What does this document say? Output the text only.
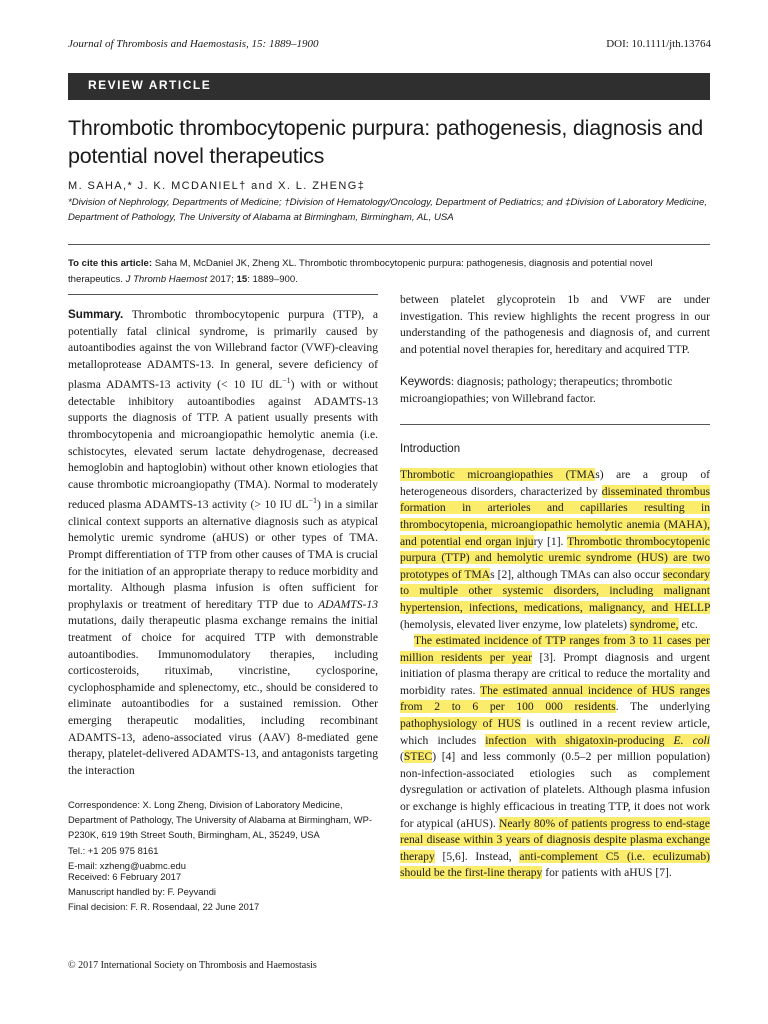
Journal of Thrombosis and Haemostasis, 15: 1889–1900	DOI: 10.1111/jth.13764
REVIEW ARTICLE
Thrombotic thrombocytopenic purpura: pathogenesis, diagnosis and potential novel therapeutics
M. SAHA,* J. K. MCDANIEL† and X. L. ZHENG‡
*Division of Nephrology, Departments of Medicine; †Division of Hematology/Oncology, Department of Pediatrics; and ‡Division of Laboratory Medicine, Department of Pathology, The University of Alabama at Birmingham, Birmingham, AL, USA
To cite this article: Saha M, McDaniel JK, Zheng XL. Thrombotic thrombocytopenic purpura: pathogenesis, diagnosis and potential novel therapeutics. J Thromb Haemost 2017; 15: 1889–900.

Summary. Thrombotic thrombocytopenic purpura (TTP), a potentially fatal clinical syndrome, is primarily caused by autoantibodies against the von Willebrand factor (VWF)-cleaving metalloprotease ADAMTS-13. In general, severe deficiency of plasma ADAMTS-13 activity (< 10 IU $dL^{-1}$) with or without detectable inhibitory autoantibodies against ADAMTS-13 supports the diagnosis of TTP. A patient usually presents with thrombocytopenia and microangiopathic hemolytic anemia (i.e. schistocytes, elevated serum lactate dehydrogenase, decreased hemoglobin and haptoglobin) without other known etiologies that cause thrombotic microangiopathy (TMA). Normal to moderately reduced plasma ADAMTS-13 activity (> 10 IU $dL^{-1}$) in a similar clinical context supports an alternative diagnosis such as atypical hemolytic uremic syndrome (aHUS) or other types of TMA. Prompt differentiation of TTP from other causes of TMA is crucial for the initiation of an appropriate therapy to reduce morbidity and mortality. Although plasma infusion is often sufficient for prophylaxis or treatment of hereditary TTP due to ADAMTS-13 mutations, daily therapeutic plasma exchange remains the initial treatment of choice for acquired TTP with demonstrable autoantibodies. Immunomodulatory therapies, including corticosteroids, rituximab, vincristine, cyclosporine, cyclophosphamide and splenectomy, etc., should be considered to eliminate autoantibodies for a sustained remission. Other emerging therapeutic modalities, including recombinant ADAMTS-13, adeno-associated virus (AAV) 8-mediated gene therapy, platelet-delivered ADAMTS-13, and antagonists targeting the interaction

between platelet glycoprotein 1b and VWF are under investigation. This review highlights the recent progress in our understanding of the pathogenesis and diagnosis of, and current and potential novel therapies for, hereditary and acquired TTP.

Keywords: diagnosis; pathology; therapeutics; thrombotic microangiopathies; von Willebrand factor.

Introduction

Thrombotic microangiopathies (TMAs) are a group of heterogeneous disorders, characterized by disseminated thrombus formation in arterioles and capillaries resulting in thrombocytopenia, microangiopathic hemolytic anemia (MAHA), and potential end organ injury [1]. Thrombotic thrombocytopenic purpura (TTP) and hemolytic uremic syndrome (HUS) are two prototypes of TMAs [2], although TMAs can also occur secondary to multiple other systemic disorders, including malignant hypertension, infections, medications, malignancy, and HELLP (hemolysis, elevated liver enzyme, low platelets) syndrome, etc.

The estimated incidence of TTP ranges from 3 to 11 cases per million residents per year [3]. Prompt diagnosis and urgent initiation of plasma therapy are critical to reduce the mortality and morbidity rates. The estimated annual incidence of HUS ranges from 2 to 6 per 100 000 residents. The underlying pathophysiology of HUS is outlined in a recent review article, which includes infection with shigatoxin-producing E. coli (STEC) [4] and less commonly (0.5–2 per million population) non-infection-associated etiologies such as complement dysregulation or activation of platelets. Although plasma infusion or exchange is highly efficacious in treating TTP, it does not work for atypical (aHUS). Nearly 80% of patients progress to end-stage renal disease within 3 years of diagnosis despite plasma exchange therapy [5,6]. Instead, anti-complement C5 (i.e. eculizumab) should be the first-line therapy for patients with aHUS [7].

Correspondence: X. Long Zheng, Division of Laboratory Medicine, Department of Pathology, The University of Alabama at Birmingham, WP-P230K, 619 19th Street South, Birmingham, AL, 35249, USA
Tel.: +1 205 975 8161
E-mail: xzheng@uabmc.edu
Received: 6 February 2017
Manuscript handled by: F. Peyvandi
Final decision: F. R. Rosendaal, 22 June 2017
© 2017 International Society on Thrombosis and Haemostasis
